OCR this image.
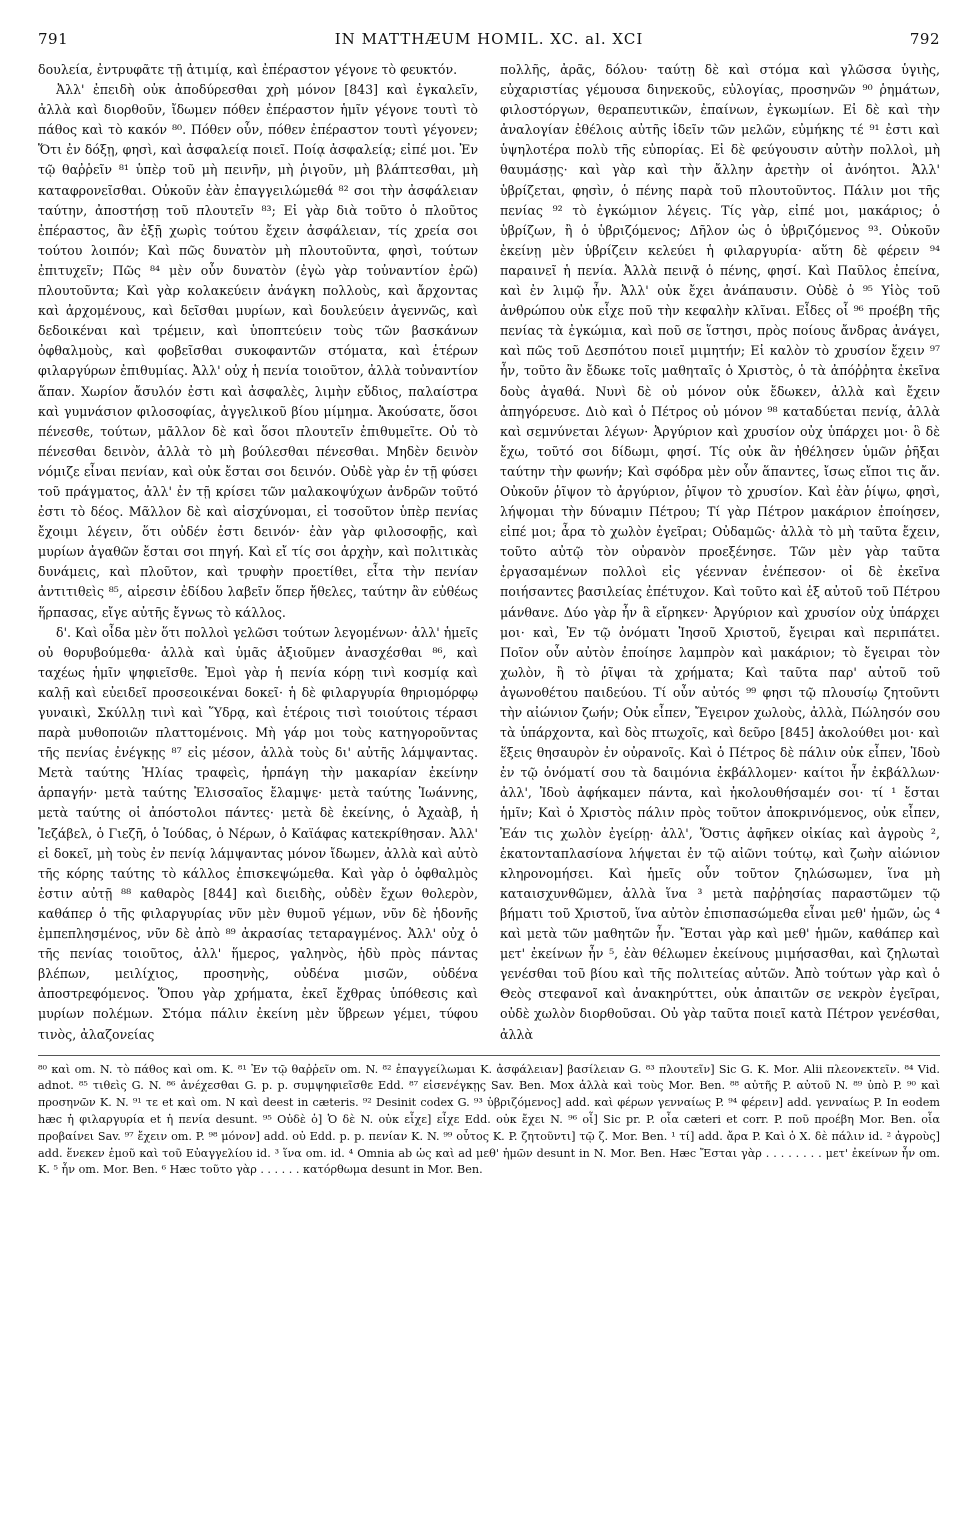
791	IN MATTHÆUM HOMIL. XC. al. XCI	792

δουλεία, ἐντρυφᾶτε τῇ ἀτιμίᾳ, καὶ ἐπέραστον γέγονε τὸ φευκτόν.

Ἀλλ' ἐπειδὴ οὐκ ἀποδύρεσθαι χρὴ μόνον [843] καὶ ἐγκαλεῖν, ἀλλὰ καὶ διορθοῦν, ἴδωμεν πόθεν ἐπέραστον ἡμῖν γέγονε τουτὶ τὸ πάθος καὶ τὸ κακόν ⁸⁰. Πόθεν οὖν, πόθεν ἐπέραστον τουτὶ γέγονεν; Ὅτι ἐν δόξῃ, φησὶ, καὶ ἀσφαλείᾳ ποιεῖ. Ποίᾳ ἀσφαλείᾳ; εἰπέ μοι. Ἐν τῷ θαῤῥεῖν ⁸¹ ὑπὲρ τοῦ μὴ πεινῆν, μὴ ῥιγοῦν, μὴ βλάπτεσθαι, μὴ καταφρονεῖσθαι. Οὐκοῦν ἐὰν ἐπαγγειλώμεθά ⁸² σοι τὴν ἀσφάλειαν ταύτην, ἀποστήσῃ τοῦ πλουτεῖν ⁸³; Εἰ γὰρ διὰ τοῦτο ὁ πλοῦτος ἐπέραστος, ἂν ἐξῇ χωρὶς τούτου ἔχειν ἀσφάλειαν, τίς χρεία σοι τούτου λοιπόν; Καὶ πῶς δυνατὸν μὴ πλουτοῦντα, φησὶ, τούτων ἐπιτυχεῖν; Πῶς ⁸⁴ μὲν οὖν δυνατὸν (ἐγὼ γὰρ τοὐναντίον ἐρῶ) πλουτοῦντα; Καὶ γὰρ κολακεύειν ἀνάγκη πολλοὺς, καὶ ἄρχοντας καὶ ἀρχομένους, καὶ δεῖσθαι μυρίων, καὶ δουλεύειν ἀγεννῶς, καὶ δεδοικέναι καὶ τρέμειν, καὶ ὑποπτεύειν τοὺς τῶν βασκάνων ὀφθαλμοὺς, καὶ φοβεῖσθαι συκοφαντῶν στόματα, καὶ ἑτέρων φιλαργύρων ἐπιθυμίας. Ἀλλ' οὐχ ἡ πενία τοιοῦτον, ἀλλὰ τοὐναντίον ἅπαν. Χωρίον ἄσυλόν ἐστι καὶ ἀσφαλὲς, λιμὴν εὔδιος, παλαίστρα καὶ γυμνάσιον φιλοσοφίας, ἀγγελικοῦ βίου μίμημα. Ἀκούσατε, ὅσοι πένεσθε, τούτων, μᾶλλον δὲ καὶ ὅσοι πλουτεῖν ἐπιθυμεῖτε. Οὐ τὸ πένεσθαι δεινὸν, ἀλλὰ τὸ μὴ βούλεσθαι πένεσθαι. Μηδὲν δεινὸν νόμιζε εἶναι πενίαν, καὶ οὐκ ἔσται σοι δεινόν. Οὐδὲ γὰρ ἐν τῇ φύσει τοῦ πράγματος, ἀλλ' ἐν τῇ κρίσει τῶν μαλακοψύχων ἀνδρῶν τοῦτό ἐστι τὸ δέος. Μᾶλλον δὲ καὶ αἰσχύνομαι, εἰ τοσοῦτον ὑπὲρ πενίας ἔχοιμι λέγειν, ὅτι οὐδέν ἐστι δεινόν· ἐὰν γὰρ φιλοσοφῇς, καὶ μυρίων ἀγαθῶν ἔσται σοι πηγή. Καὶ εἴ τίς σοι ἀρχὴν, καὶ πολιτικὰς δυνάμεις, καὶ πλοῦτον, καὶ τρυφὴν προετίθει, εἶτα τὴν πενίαν ἀντιτιθεὶς ⁸⁵, αἱρεσιν ἐδίδου λαβεῖν ὅπερ ἤθελες, ταύτην ἂν εὐθέως ἥρπασας, εἴγε αὐτῆς ἔγνως τὸ κάλλος.

δ'. Καὶ οἶδα μὲν ὅτι πολλοὶ γελῶσι τούτων λεγομένων· ἀλλ' ἡμεῖς οὐ θορυβούμεθα· ἀλλὰ καὶ ὑμᾶς ἀξιοῦμεν ἀνασχέσθαι ⁸⁶, καὶ ταχέως ἡμῖν ψηφιεῖσθε. Ἐμοὶ γὰρ ἡ πενία κόρῃ τινὶ κοσμίᾳ καὶ καλῇ καὶ εὐειδεῖ προσεοικέναι δοκεῖ· ἡ δὲ φιλαργυρία θηριομόρφῳ γυναικὶ, Σκύλλῃ τινὶ καὶ Ὕδρᾳ, καὶ ἑτέροις τισὶ τοιούτοις τέρασι παρὰ μυθοποιῶν πλαττομένοις. Μὴ γάρ μοι τοὺς κατηγοροῦντας τῆς πενίας ἐνέγκῃς ⁸⁷ εἰς μέσον, ἀλλὰ τοὺς δι' αὐτῆς λάμψαντας. Μετὰ ταύτης Ἠλίας τραφεὶς, ἡρπάγη τὴν μακαρίαν ἐκείνην ἁρπαγήν· μετὰ ταύτης Ἐλισσαῖος ἔλαμψε· μετὰ ταύτης Ἰωάννης, μετὰ ταύτης οἱ ἀπόστολοι πάντες· μετὰ δὲ ἐκείνης, ὁ Ἀχαὰβ, ἡ Ἰεζάβελ, ὁ Γιεζῆ, ὁ Ἰούδας, ὁ Νέρων, ὁ Καϊάφας κατεκρίθησαν. Ἀλλ' εἰ δοκεῖ, μὴ τοὺς ἐν πενίᾳ λάμψαντας μόνον ἴδωμεν, ἀλλὰ καὶ αὐτὸ τῆς κόρης ταύτης τὸ κάλλος ἐπισκεψώμεθα. Καὶ γὰρ ὁ ὀφθαλμὸς ἐστιν αὐτῇ ⁸⁸ καθαρὸς [844] καὶ διειδὴς, οὐδὲν ἔχων θολερὸν, καθάπερ ὁ τῆς φιλαργυρίας νῦν μὲν θυμοῦ γέμων, νῦν δὲ ἡδονῆς ἐμπεπλησμένος, νῦν δὲ ἀπὸ ⁸⁹ ἀκρασίας τεταραγμένος. Ἀλλ' οὐχ ὁ τῆς πενίας τοιοῦτος, ἀλλ' ἥμερος, γαληνὸς, ἡδὺ πρὸς πάντας βλέπων, μειλίχιος, προσηνὴς, οὐδένα μισῶν, οὐδένα ἀποστρεφόμενος. Ὅπου γὰρ χρήματα, ἐκεῖ ἔχθρας ὑπόθεσις καὶ μυρίων πολέμων. Στόμα πάλιν ἐκείνη μὲν ὕβρεων γέμει, τύφου τινὸς, ἀλαζονείας

πολλῆς, ἀρᾶς, δόλου· ταύτῃ δὲ καὶ στόμα καὶ γλῶσσα ὑγιὴς, εὐχαριστίας γέμουσα διηνεκοῦς, εὐλογίας, προσηνῶν ⁹⁰ ῥημάτων, φιλοστόργων, θεραπευτικῶν, ἐπαίνων, ἐγκωμίων. Εἰ δὲ καὶ τὴν ἀναλογίαν ἐθέλοις αὐτῆς ἰδεῖν τῶν μελῶν, εὐμήκης τέ ⁹¹ ἐστι καὶ ὑψηλοτέρα πολὺ τῆς εὐπορίας. Εἰ δὲ φεύγουσιν αὐτὴν πολλοὶ, μὴ θαυμάσῃς· καὶ γὰρ καὶ τὴν ἄλλην ἀρετὴν οἱ ἀνόητοι. Ἀλλ' ὑβρίζεται, φησὶν, ὁ πένης παρὰ τοῦ πλουτοῦντος. Πάλιν μοι τῆς πενίας ⁹² τὸ ἐγκώμιον λέγεις. Τίς γὰρ, εἰπέ μοι, μακάριος; ὁ ὑβρίζων, ἢ ὁ ὑβριζόμενος; Δῆλον ὡς ὁ ὑβριζόμενος ⁹³. Οὐκοῦν ἐκείνῃ μὲν ὑβρίζειν κελεύει ἡ φιλαργυρία· αὕτη δὲ φέρειν ⁹⁴ παραινεῖ ἡ πενία. Ἀλλὰ πεινᾷ ὁ πένης, φησί. Καὶ Παῦλος ἐπείνα, καὶ ἐν λιμῷ ἦν. Ἀλλ' οὐκ ἔχει ἀνάπαυσιν. Οὐδὲ ὁ ⁹⁵ Υἱὸς τοῦ ἀνθρώπου οὐκ εἶχε ποῦ τὴν κεφαλὴν κλῖναι. Εἶδες οἷ ⁹⁶ προέβη τῆς πενίας τὰ ἐγκώμια, καὶ ποῦ σε ἵστησι, πρὸς ποίους ἄνδρας ἀνάγει, καὶ πῶς τοῦ Δεσπότου ποιεῖ μιμητήν; Εἰ καλὸν τὸ χρυσίον ἔχειν ⁹⁷ ἦν, τοῦτο ἂν ἔδωκε τοῖς μαθηταῖς ὁ Χριστὸς, ὁ τὰ ἀπόῤῥητα ἐκεῖνα δοὺς ἀγαθά. Νυνὶ δὲ οὐ μόνον οὐκ ἔδωκεν, ἀλλὰ καὶ ἔχειν ἀπηγόρευσε. Διὸ καὶ ὁ Πέτρος οὐ μόνον ⁹⁸ καταδύεται πενίᾳ, ἀλλὰ καὶ σεμνύνεται λέγων· Ἀργύριον καὶ χρυσίον οὐχ ὑπάρχει μοι· ὃ δὲ ἔχω, τοῦτό σοι δίδωμι, φησί. Τίς οὐκ ἂν ἠθέλησεν ὑμῶν ῥῆξαι ταύτην τὴν φωνήν; Καὶ σφόδρα μὲν οὖν ἅπαντες, ἴσως εἴποι τις ἄν. Οὐκοῦν ῥῖψον τὸ ἀργύριον, ῥῖψον τὸ χρυσίον. Καὶ ἐὰν ῥίψω, φησὶ, λήψομαι τὴν δύναμιν Πέτρου; Τί γὰρ Πέτρον μακάριον ἐποίησεν, εἰπέ μοι; ἆρα τὸ χωλὸν ἐγεῖραι; Οὐδαμῶς· ἀλλὰ τὸ μὴ ταῦτα ἔχειν, τοῦτο αὐτῷ τὸν οὐρανὸν προεξένησε. Τῶν μὲν γὰρ ταῦτα ἐργασαμένων πολλοὶ εἰς γέενναν ἐνέπεσον· οἱ δὲ ἐκεῖνα ποιήσαντες βασιλείας ἐπέτυχον. Καὶ τοῦτο καὶ ἐξ αὐτοῦ τοῦ Πέτρου μάνθανε. Δύο γὰρ ἦν ἃ εἴρηκεν· Ἀργύριον καὶ χρυσίον οὐχ ὑπάρχει μοι· καὶ, Ἐν τῷ ὀνόματι Ἰησοῦ Χριστοῦ, ἔγειραι καὶ περιπάτει. Ποῖον οὖν αὐτὸν ἐποίησε λαμπρὸν καὶ μακάριον; τὸ ἔγειραι τὸν χωλὸν, ἢ τὸ ῥῖψαι τὰ χρήματα; Καὶ ταῦτα παρ' αὐτοῦ τοῦ ἀγωνοθέτου παιδεύου. Τί οὖν αὐτός ⁹⁹ φησι τῷ πλουσίῳ ζητοῦντι τὴν αἰώνιον ζωήν; Οὐκ εἶπεν, Ἔγειρον χωλοὺς, ἀλλὰ, Πώλησόν σου τὰ ὑπάρχοντα, καὶ δὸς πτωχοῖς, καὶ δεῦρο [845] ἀκολούθει μοι· καὶ ἕξεις θησαυρὸν ἐν οὐρανοῖς. Καὶ ὁ Πέτρος δὲ πάλιν οὐκ εἶπεν, Ἰδοὺ ἐν τῷ ὀνόματί σου τὰ δαιμόνια ἐκβάλλομεν· καίτοι ἦν ἐκβάλλων· ἀλλ', Ἰδοὺ ἀφήκαμεν πάντα, καὶ ἠκολουθήσαμέν σοι· τί ¹ ἔσται ἡμῖν; Καὶ ὁ Χριστὸς πάλιν πρὸς τοῦτον ἀποκρινόμενος, οὐκ εἶπεν, Ἐάν τις χωλὸν ἐγείρῃ· ἀλλ', Ὅστις ἀφῆκεν οἰκίας καὶ ἀγροὺς ², ἑκατονταπλασίονα λήψεται ἐν τῷ αἰῶνι τούτῳ, καὶ ζωὴν αἰώνιον κληρονομήσει. Καὶ ἡμεῖς οὖν τοῦτον ζηλώσωμεν, ἵνα μὴ καταισχυνθῶμεν, ἀλλὰ ἵνα ³ μετὰ παῤῥησίας παραστῶμεν τῷ βήματι τοῦ Χριστοῦ, ἵνα αὐτὸν ἐπισπασώμεθα εἶναι μεθ' ἡμῶν, ὡς ⁴ καὶ μετὰ τῶν μαθητῶν ἦν. Ἔσται γὰρ καὶ μεθ' ἡμῶν, καθάπερ καὶ μετ' ἐκείνων ἦν ⁵, ἐὰν θέλωμεν ἐκείνους μιμήσασθαι, καὶ ζηλωταὶ γενέσθαι τοῦ βίου καὶ τῆς πολιτείας αὐτῶν. Ἀπὸ τούτων γὰρ καὶ ὁ Θεὸς στεφανοῖ καὶ ἀνακηρύττει, οὐκ ἀπαιτῶν σε νεκρὸν ἐγεῖραι, οὐδὲ χωλὸν διορθοῦσαι. Οὐ γὰρ ταῦτα ποιεῖ κατὰ Πέτρον γενέσθαι, ἀλλὰ

⁸⁰ καὶ om. N. τὸ πάθος καὶ om. K. ⁸¹ Ἐν τῷ θαῤῥεῖν om. N. ⁸² ἐπαγγείλωμαι K. ἀσφάλειαν] βασίλειαν G. ⁸³ πλουτεῖν] Sic G. K. Mor. Alii πλεονεκτεῖν. ⁸⁴ Vid. adnot. ⁸⁵ τιθεὶς G. N. ⁸⁶ ἀνέχεσθαι G. p. p. συμψηφιεῖσθε Edd. ⁸⁷ εἰσενέγκῃς Sav. Ben. Mox ἀλλὰ καὶ τοὺς Mor. Ben. ⁸⁸ αὐτῆς P. αὐτοῦ N. ⁸⁹ ὑπὸ P. ⁹⁰ καὶ προσηνῶν K. N. ⁹¹ τε et καὶ om. N καὶ deest in cæteris. ⁹² Desinit codex G. ⁹³ ὑβριζόμενος] add. καὶ φέρων γενναίως P. ⁹⁴ φέρειν] add. γενναίως P. In eodem hæc ἡ φιλαργυρία et ἡ πενία desunt. ⁹⁵ Οὐδὲ ὁ] Ὁ δὲ N. οὐκ εἶχε] εἶχε Edd. οὐκ ἔχει N. ⁹⁶ οἷ] Sic pr. P. οἷα cæteri et corr. P. ποῦ προέβη Mor. Ben. οἷα προβαίνει Sav. ⁹⁷ ἔχειν om. P. ⁹⁸ μόνον] add. οὐ Edd. p. p. πενίαν K. N. ⁹⁹ οὗτος K. P. ζητοῦντι] τῷ ζ. Mor. Ben. ¹ τί] add. ἄρα P. Καὶ ὁ Χ. δὲ πάλιν id. ² ἀγροὺς] add. ἕνεκεν ἐμοῦ καὶ τοῦ Εὐαγγελίου id. ³ ἵνα om. id. ⁴ Omnia ab ὡς καὶ ad μεθ' ἡμῶν desunt in N. Mor. Ben. Hæc Ἔσται γὰρ . . . . . . . . μετ' ἐκείνων ἦν om. K. ⁵ ἦν om. Mor. Ben. ⁶ Hæc τοῦτο γὰρ . . . . . . κατόρθωμα desunt in Mor. Ben.
